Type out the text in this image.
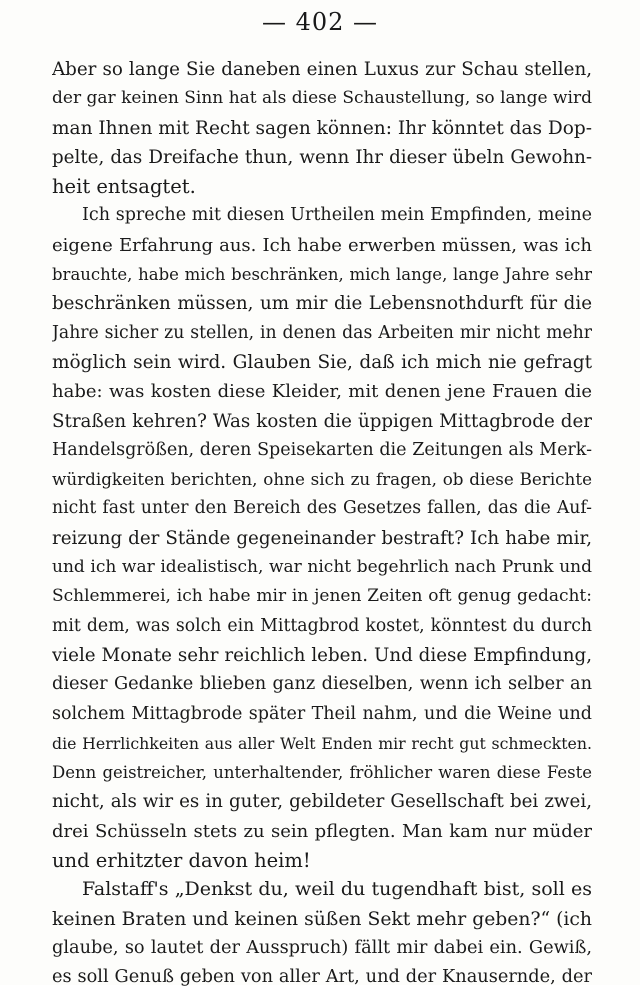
— 402 —
Aber so lange Sie daneben einen Luxus zur Schau stellen,
der gar keinen Sinn hat als diese Schaustellung, so lange wird
man Ihnen mit Recht sagen können: Ihr könntet das Dop-
pelte, das Dreifache thun, wenn Ihr dieser übeln Gewohn-
heit entsagtet.
Ich spreche mit diesen Urtheilen mein Empfinden, meine
eigene Erfahrung aus. Ich habe erwerben müssen, was ich
brauchte, habe mich beschränken, mich lange, lange Jahre sehr
beschränken müssen, um mir die Lebensnothdurft für die
Jahre sicher zu stellen, in denen das Arbeiten mir nicht mehr
möglich sein wird. Glauben Sie, daß ich mich nie gefragt
habe: was kosten diese Kleider, mit denen jene Frauen die
Straßen kehren? Was kosten die üppigen Mittagbrode der
Handelsgrößen, deren Speisekarten die Zeitungen als Merk-
würdigkeiten berichten, ohne sich zu fragen, ob diese Berichte
nicht fast unter den Bereich des Gesetzes fallen, das die Auf-
reizung der Stände gegeneinander bestraft? Ich habe mir,
und ich war idealistisch, war nicht begehrlich nach Prunk und
Schlemmerei, ich habe mir in jenen Zeiten oft genug gedacht:
mit dem, was solch ein Mittagbrod kostet, könntest du durch
viele Monate sehr reichlich leben. Und diese Empfindung,
dieser Gedanke blieben ganz dieselben, wenn ich selber an
solchem Mittagbrode später Theil nahm, und die Weine und
die Herrlichkeiten aus aller Welt Enden mir recht gut schmeckten.
Denn geistreicher, unterhaltender, fröhlicher waren diese Feste
nicht, als wir es in guter, gebildeter Gesellschaft bei zwei,
drei Schüsseln stets zu sein pflegten. Man kam nur müder
und erhitzter davon heim!
Falstaff's „Denkst du, weil du tugendhaft bist, soll es
keinen Braten und keinen süßen Sekt mehr geben?“ (ich
glaube, so lautet der Ausspruch) fällt mir dabei ein. Gewiß,
es soll Genuß geben von aller Art, und der Knausernde, der
